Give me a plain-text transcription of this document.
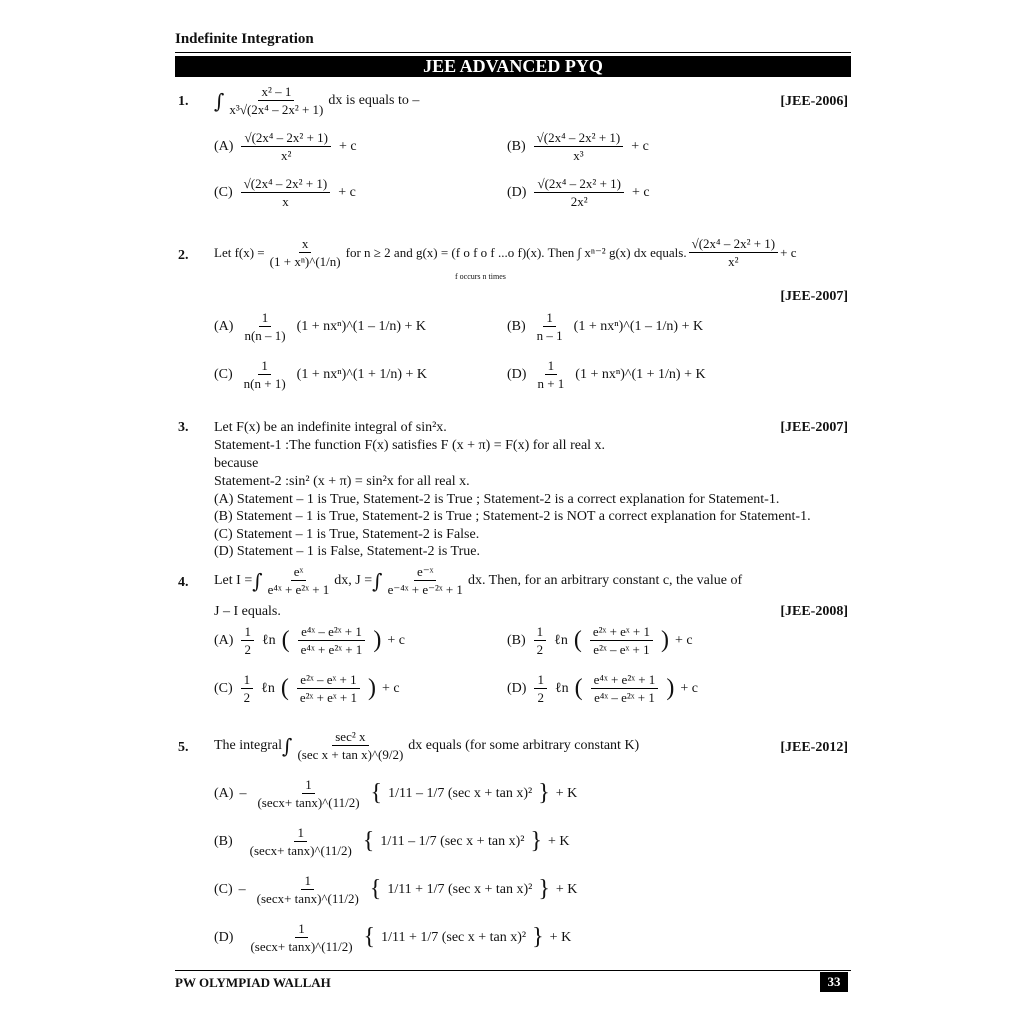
Indefinite Integration
JEE ADVANCED PYQ
1.	[JEE-2006]
∫ $\frac{\text{x² – 1}}{\text{x³√(2x⁴ – 2x² + 1)}}$ dx is equals to –
$(A) \frac{\text{√(2x⁴ – 2x² + 1)}}{\text{x²}} + c$	$(B) \frac{\text{√(2x⁴ – 2x² + 1)}}{\text{x³}} + c$
$(C) \frac{\text{√(2x⁴ – 2x² + 1)}}{x} + c$	$(D) \frac{\text{√(2x⁴ – 2x² + 1)}}{\text{2x²}} + c$
2. Let $f(x) = \frac{x}{\text{(1 + xⁿ)\textasciicircum{}(1/n)}}$ for n ≥ 2 and g(x) = (f o f o f ...o f)(x). Then ∫ xⁿ⁻² g(x) dx equals. $\frac{\text{√(2x⁴ – 2x² + 1)}}{\text{x²}} + c$
f occurs n times
[JEE-2007]
$(A) \frac{1}{n(n - 1)} (1$ + nxⁿ)^(1 – 1/n) + K	$(B) \frac{1}{n - 1} (1$ + nxⁿ)^(1 – 1/n) + K
$(C) \frac{1}{n(n + 1)} (1$ + nxⁿ)^(1 + 1/n) + K	$(D) \frac{1}{n + 1} (1$ + nxⁿ)^(1 + 1/n) + K
3.	[JEE-2007]
Let F(x) be an indefinite integral of sin²x.
Statement-1 :The function F(x) satisfies F (x + π) = F(x) for all real x.
because
Statement-2 :sin² (x + π) = sin²x for all real x.
(A) Statement – 1 is True, Statement-2 is True ; Statement-2 is a correct explanation for Statement-1.
(B) Statement – 1 is True, Statement-2 is True ; Statement-2 is NOT a correct explanation for Statement-1.
(C) Statement – 1 is True, Statement-2 is False.
(D) Statement – 1 is False, Statement-2 is True.
4. Let I = ∫ $\frac{\text{eˣ}}{\text{e⁴ˣ + e²ˣ + 1}}$ dx, J = ∫ $\frac{\text{e⁻ˣ}}{\text{e⁻⁴ˣ + e⁻²ˣ + 1}}$ dx. Then, for an arbitrary constant c, the value of
J – I equals.	[JEE-2008]
$(A) \frac{1}{2}$ ℓn ( $\frac{\text{e⁴ˣ – e²ˣ + 1}}{\text{e⁴ˣ + e²ˣ + 1}}$ ) + c	$(B) \frac{1}{2}$ ℓn ( $\frac{\text{e²ˣ + eˣ + 1}}{\text{e²ˣ – eˣ + 1}}$ ) + c
$(C) \frac{1}{2}$ ℓn ( $\frac{\text{e²ˣ – eˣ + 1}}{\text{e²ˣ + eˣ + 1}}$ ) + c	$(D) \frac{1}{2}$ ℓn ( $\frac{\text{e⁴ˣ + e²ˣ + 1}}{\text{e⁴ˣ – e²ˣ + 1}}$ ) + c
5.	[JEE-2012]
The integral ∫ $\frac{\text{sec² x}}{\text{(sec x + tan x)\textasciicircum{}(9/2)}}$ dx equals (for some arbitrary constant K)
$(A) - \frac{1}{(\sec x+ \tan x)\^{}(11/2)}$ { 1/11 – 1/7 (sec x + tan x)² } + K
$(B) \frac{1}{(\sec x+ \tan x)\^{}(11/2)}$ { 1/11 – 1/7 (sec x + tan x)² } + K
$(C) - \frac{1}{(\sec x+ \tan x)\^{}(11/2)}$ { 1/11 + 1/7 (sec x + tan x)² } + K
$(D) \frac{1}{(\sec x+ \tan x)\^{}(11/2)}$ { 1/11 + 1/7 (sec x + tan x)² } + K
PW OLYMPIAD WALLAH	33
